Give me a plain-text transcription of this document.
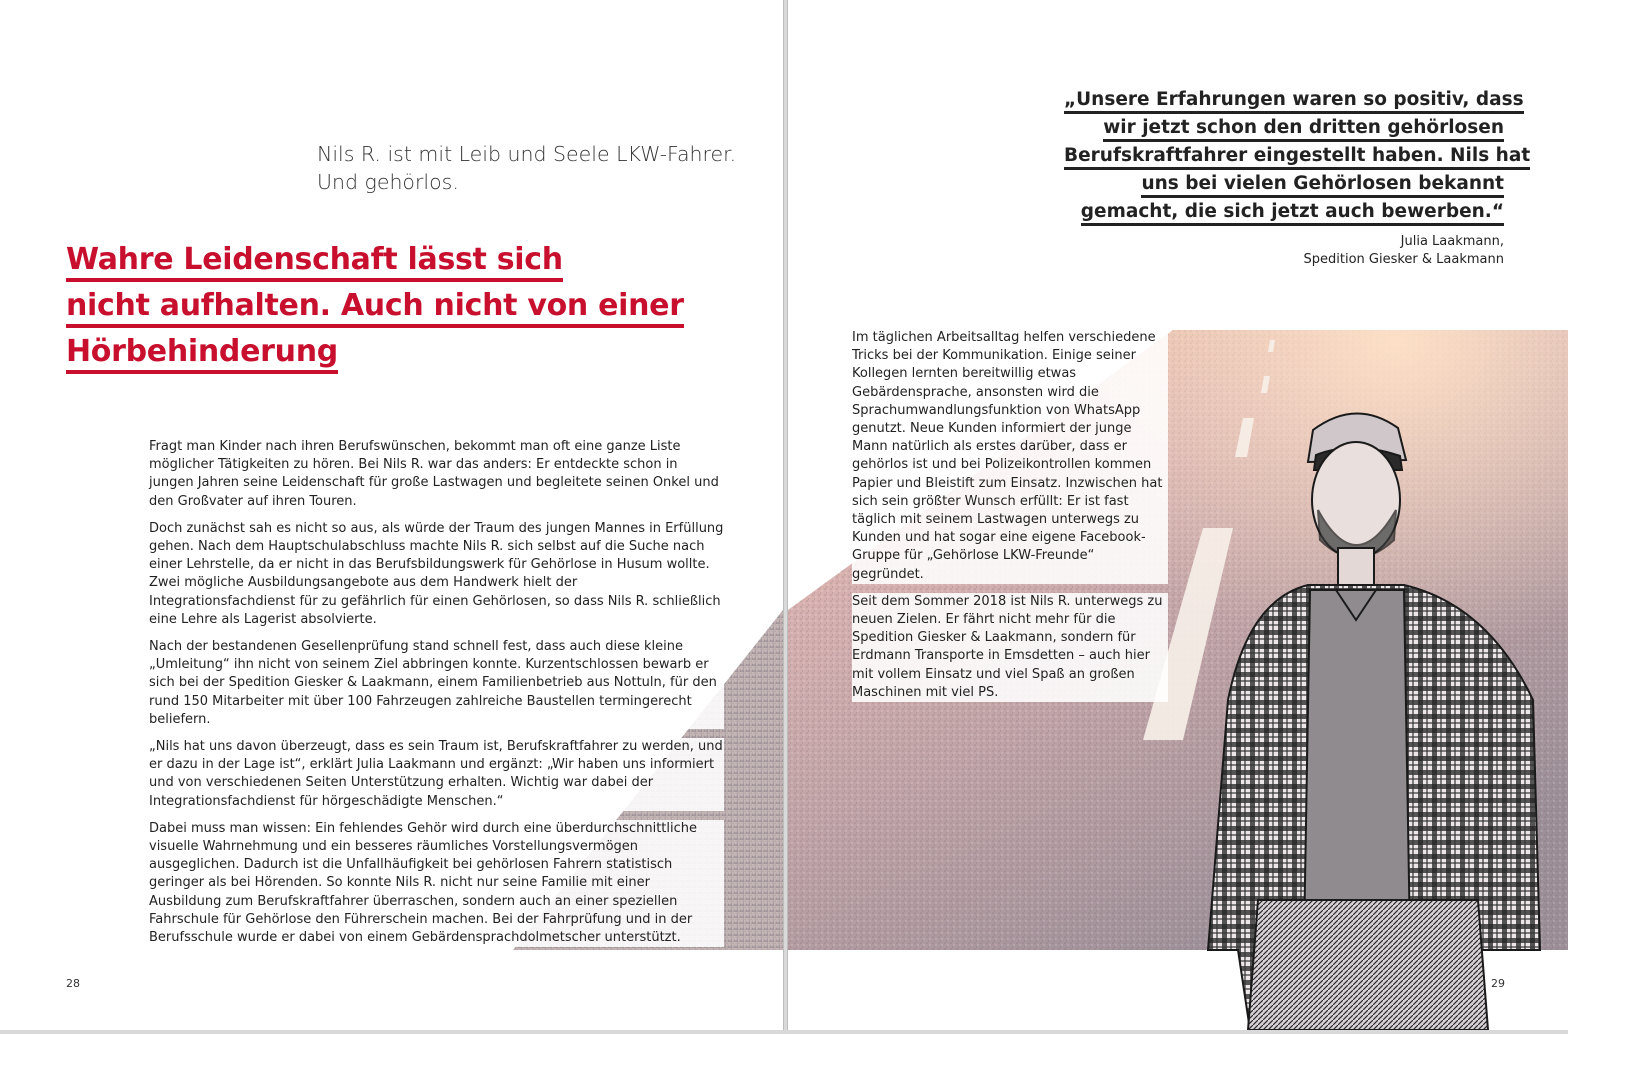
Nils R. ist mit Leib und Seele LKW-Fahrer.
Und gehörlos.

Wahre Leidenschaft lässt sich
nicht aufhalten. Auch nicht von einer
Hörbehinderung

Fragt man Kinder nach ihren Berufswünschen, bekommt man oft eine ganze Liste möglicher Tätigkeiten zu hören. Bei Nils R. war das anders: Er entdeckte schon in jungen Jahren seine Leidenschaft für große Lastwagen und begleitete seinen Onkel und den Großvater auf ihren Touren.

Doch zunächst sah es nicht so aus, als würde der Traum des jungen Mannes in Erfüllung gehen. Nach dem Hauptschulabschluss machte Nils R. sich selbst auf die Suche nach einer Lehrstelle, da er nicht in das Berufsbildungswerk für Gehörlose in Husum wollte. Zwei mögliche Ausbildungsangebote aus dem Handwerk hielt der Integrationsfachdienst für zu gefährlich für einen Gehörlosen, so dass Nils R. schließlich eine Lehre als Lagerist absolvierte.

Nach der bestandenen Gesellenprüfung stand schnell fest, dass auch diese kleine „Umleitung“ ihn nicht von seinem Ziel abbringen konnte. Kurzentschlossen bewarb er sich bei der Spedition Giesker & Laakmann, einem Familienbetrieb aus Nottuln, für den rund 150 Mitarbeiter mit über 100 Fahrzeugen zahlreiche Baustellen termingerecht beliefern.

„Nils hat uns davon überzeugt, dass es sein Traum ist, Berufskraftfahrer zu werden, und er dazu in der Lage ist“, erklärt Julia Laakmann und ergänzt: „Wir haben uns informiert und von verschiedenen Seiten Unterstützung erhalten. Wichtig war dabei der Integrationsfachdienst für hörgeschädigte Menschen.“

Dabei muss man wissen: Ein fehlendes Gehör wird durch eine überdurchschnittliche visuelle Wahrnehmung und ein besseres räumliches Vorstellungsvermögen ausgeglichen. Dadurch ist die Unfallhäufigkeit bei gehörlosen Fahrern statistisch geringer als bei Hörenden. So konnte Nils R. nicht nur seine Familie mit einer Ausbildung zum Berufskraftfahrer überraschen, sondern auch an einer speziellen Fahrschule für Gehörlose den Führerschein machen. Bei der Fahrprüfung und in der Berufsschule wurde er dabei von einem Gebärdensprachdolmetscher unterstützt.

28

„Unsere Erfahrungen waren so positiv, dass
wir jetzt schon den dritten gehörlosen
Berufskraftfahrer eingestellt haben. Nils hat
uns bei vielen Gehörlosen bekannt
gemacht, die sich jetzt auch bewerben.“

Julia Laakmann,
Spedition Giesker & Laakmann

Im täglichen Arbeitsalltag helfen verschiedene Tricks bei der Kommunikation. Einige seiner Kollegen lernten bereitwillig etwas Gebärdensprache, ansonsten wird die Sprachumwandlungsfunktion von WhatsApp genutzt. Neue Kunden informiert der junge Mann natürlich als erstes darüber, dass er gehörlos ist und bei Polizeikontrollen kommen Papier und Bleistift zum Einsatz. Inzwischen hat sich sein größter Wunsch erfüllt: Er ist fast täglich mit seinem Lastwagen unterwegs zu Kunden und hat sogar eine eigene Facebook-Gruppe für „Gehörlose LKW-Freunde“ gegründet.

Seit dem Sommer 2018 ist Nils R. unterwegs zu neuen Zielen. Er fährt nicht mehr für die Spedition Giesker & Laakmann, sondern für Erdmann Transporte in Emsdetten – auch hier mit vollem Einsatz und viel Spaß an großen Maschinen mit viel PS.

29
